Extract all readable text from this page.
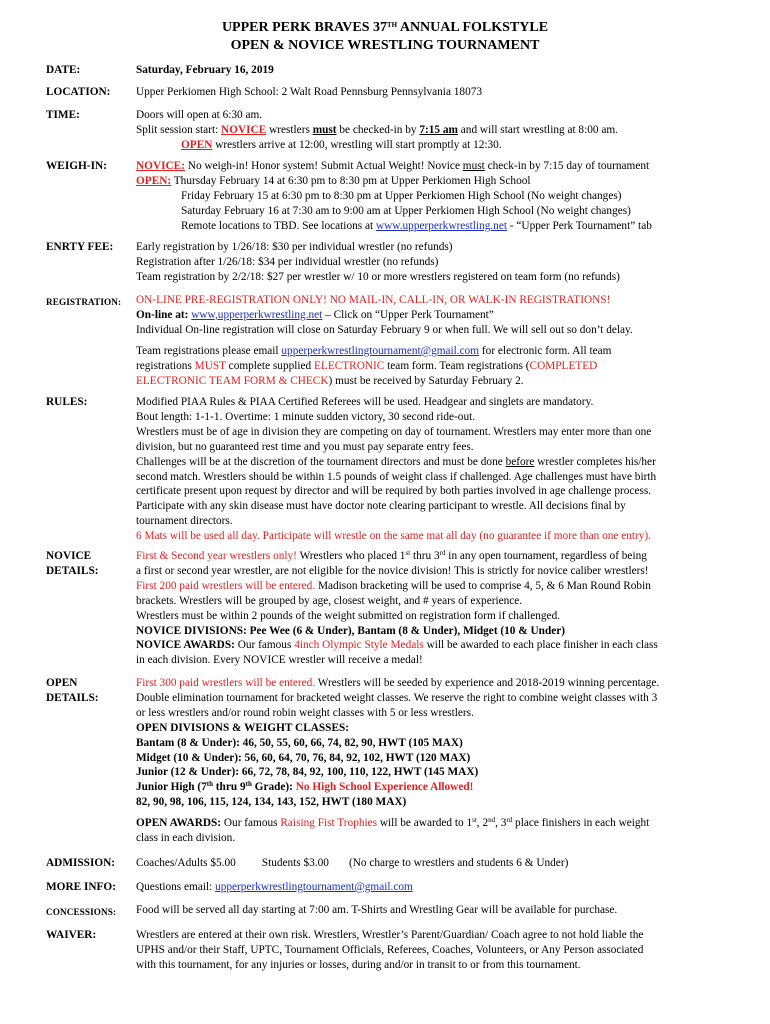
UPPER PERK BRAVES 37TH ANNUAL FOLKSTYLE
OPEN & NOVICE WRESTLING TOURNAMENT
DATE:	Saturday, February 16, 2019
LOCATION: Upper Perkiomen High School: 2 Walt Road Pennsburg Pennsylvania 18073
TIME:	Doors will open at 6:30 am.
Split session start: NOVICE wrestlers must be checked-in by 7:15 am and will start wrestling at 8:00 am.
OPEN wrestlers arrive at 12:00, wrestling will start promptly at 12:30.
WEIGH-IN:	NOVICE: No weigh-in! Honor system! Submit Actual Weight! Novice must check-in by 7:15 day of tournament
OPEN: Thursday February 14 at 6:30 pm to 8:30 pm at Upper Perkiomen High School
Friday February 15 at 6:30 pm to 8:30 pm at Upper Perkiomen High School (No weight changes)
Saturday February 16 at 7:30 am to 9:00 am at Upper Perkiomen High School (No weight changes)
Remote locations to TBD. See locations at www.upperperkwrestling.net - “Upper Perk Tournament” tab
ENRTY FEE: Early registration by 1/26/18: $30 per individual wrestler (no refunds)
Registration after 1/26/18: $34 per individual wrestler (no refunds)
Team registration by 2/2/18: $27 per wrestler w/ 10 or more wrestlers registered on team form (no refunds)
REGISTRATION: ON-LINE PRE-REGISTRATION ONLY! NO MAIL-IN, CALL-IN, OR WALK-IN REGISTRATIONS!
On-line at: www,upperperkwrestling.net – Click on “Upper Perk Tournament”
Individual On-line registration will close on Saturday February 9 or when full. We will sell out so don’t delay.
Team registrations please email upperperkwrestlingtournament@gmail.com for electronic form. All team
registrations MUST complete supplied ELECTRONIC team form. Team registrations (COMPLETED
ELECTRONIC TEAM FORM & CHECK) must be received by Saturday February 2.
RULES:	Modified PIAA Rules & PIAA Certified Referees will be used. Headgear and singlets are mandatory.
Bout length: 1-1-1. Overtime: 1 minute sudden victory, 30 second ride-out.
Wrestlers must be of age in division they are competing on day of tournament. Wrestlers may enter more than one
division, but no guaranteed rest time and you must pay separate entry fees.
Challenges will be at the discretion of the tournament directors and must be done before wrestler completes his/her
second match. Wrestlers should be within 1.5 pounds of weight class if challenged. Age challenges must have birth
certificate present upon request by director and will be required by both parties involved in age challenge process.
Participate with any skin disease must have doctor note clearing participant to wrestle. All decisions final by
tournament directors.
6 Mats will be used all day. Participate will wrestle on the same mat all day (no guarantee if more than one entry).
NOVICE
DETAILS:
First & Second year wrestlers only! Wrestlers who placed 1st thru 3rd in any open tournament, regardless of being
a first or second year wrestler, are not eligible for the novice division! This is strictly for novice caliber wrestlers!
First 200 paid wrestlers will be entered. Madison bracketing will be used to comprise 4, 5, & 6 Man Round Robin
brackets. Wrestlers will be grouped by age, closest weight, and # years of experience.
Wrestlers must be within 2 pounds of the weight submitted on registration form if challenged.
NOVICE DIVISIONS: Pee Wee (6 & Under), Bantam (8 & Under), Midget (10 & Under)
NOVICE AWARDS: Our famous 4inch Olympic Style Medals will be awarded to each place finisher in each class
in each division. Every NOVICE wrestler will receive a medal!
OPEN
DETAILS:
First 300 paid wrestlers will be entered. Wrestlers will be seeded by experience and 2018-2019 winning percentage.
Double elimination tournament for bracketed weight classes. We reserve the right to combine weight classes with 3
or less wrestlers and/or round robin weight classes with 5 or less wrestlers.
OPEN DIVISIONS & WEIGHT CLASSES:
Bantam (8 & Under): 46, 50, 55, 60, 66, 74, 82, 90, HWT (105 MAX)
Midget (10 & Under): 56, 60, 64, 70, 76, 84, 92, 102, HWT (120 MAX)
Junior (12 & Under): 66, 72, 78, 84, 92, 100, 110, 122, HWT (145 MAX)
Junior High (7th thru 9th Grade): No High School Experience Allowed!
82, 90, 98, 106, 115, 124, 134, 143, 152, HWT (180 MAX)
OPEN AWARDS: Our famous Raising Fist Trophies will be awarded to 1st, 2nd, 3rd place finishers in each weight
class in each division.
ADMISSION: Coaches/Adults $5.00 Students $3.00 (No charge to wrestlers and students 6 & Under)
MORE INFO: Questions email: upperperkwrestlingtournament@gmail.com
CONCESSIONS: Food will be served all day starting at 7:00 am. T-Shirts and Wrestling Gear will be available for purchase.
WAIVER:	Wrestlers are entered at their own risk. Wrestlers, Wrestler’s Parent/Guardian/ Coach agree to not hold liable the
UPHS and/or their Staff, UPTC, Tournament Officials, Referees, Coaches, Volunteers, or Any Person associated
with this tournament, for any injuries or losses, during and/or in transit to or from this tournament.
